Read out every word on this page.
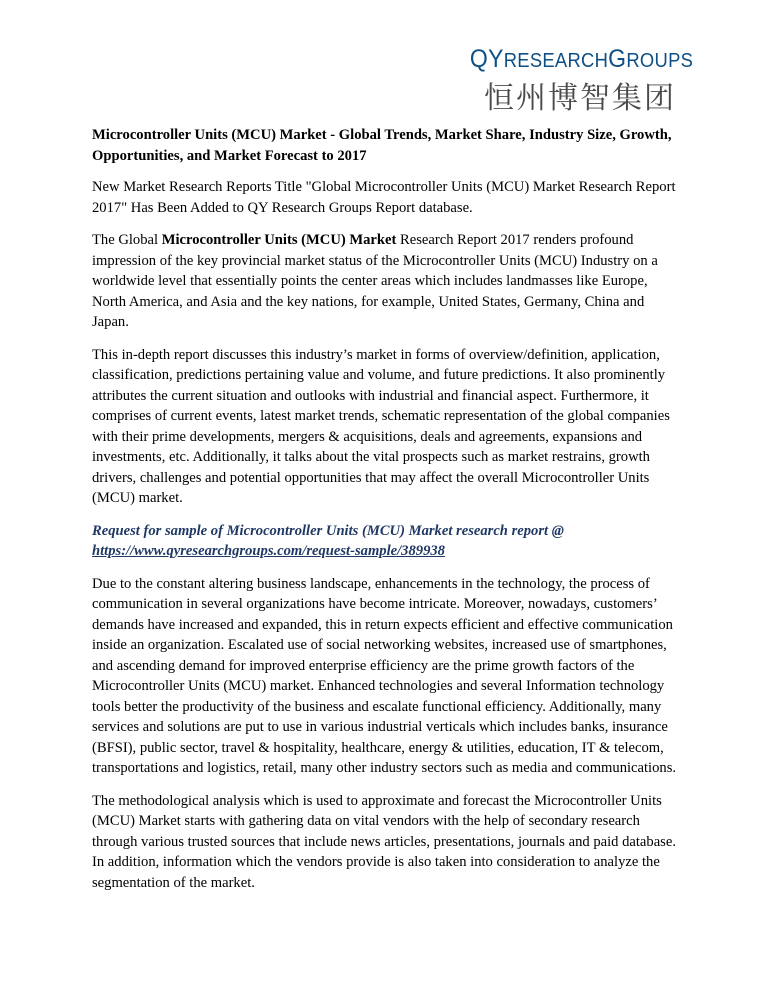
QYRESEARCHGROUPS
恒州博智集团
Microcontroller Units (MCU) Market - Global Trends, Market Share, Industry Size, Growth, Opportunities, and Market Forecast to 2017

New Market Research Reports Title "Global Microcontroller Units (MCU) Market Research Report 2017" Has Been Added to QY Research Groups Report database.

The Global Microcontroller Units (MCU) Market Research Report 2017 renders profound impression of the key provincial market status of the Microcontroller Units (MCU) Industry on a worldwide level that essentially points the center areas which includes landmasses like Europe, North America, and Asia and the key nations, for example, United States, Germany, China and Japan.

This in-depth report discusses this industry’s market in forms of overview/definition, application, classification, predictions pertaining value and volume, and future predictions. It also prominently attributes the current situation and outlooks with industrial and financial aspect. Furthermore, it comprises of current events, latest market trends, schematic representation of the global companies with their prime developments, mergers & acquisitions, deals and agreements, expansions and investments, etc. Additionally, it talks about the vital prospects such as market restrains, growth drivers, challenges and potential opportunities that may affect the overall Microcontroller Units (MCU) market.

Request for sample of Microcontroller Units (MCU) Market research report @
https://www.qyresearchgroups.com/request-sample/389938

Due to the constant altering business landscape, enhancements in the technology, the process of communication in several organizations have become intricate. Moreover, nowadays, customers’ demands have increased and expanded, this in return expects efficient and effective communication inside an organization. Escalated use of social networking websites, increased use of smartphones, and ascending demand for improved enterprise efficiency are the prime growth factors of the Microcontroller Units (MCU) market. Enhanced technologies and several Information technology tools better the productivity of the business and escalate functional efficiency. Additionally, many services and solutions are put to use in various industrial verticals which includes banks, insurance (BFSI), public sector, travel & hospitality, healthcare, energy & utilities, education, IT & telecom, transportations and logistics, retail, many other industry sectors such as media and communications.

The methodological analysis which is used to approximate and forecast the Microcontroller Units (MCU) Market starts with gathering data on vital vendors with the help of secondary research through various trusted sources that include news articles, presentations, journals and paid database. In addition, information which the vendors provide is also taken into consideration to analyze the segmentation of the market.
